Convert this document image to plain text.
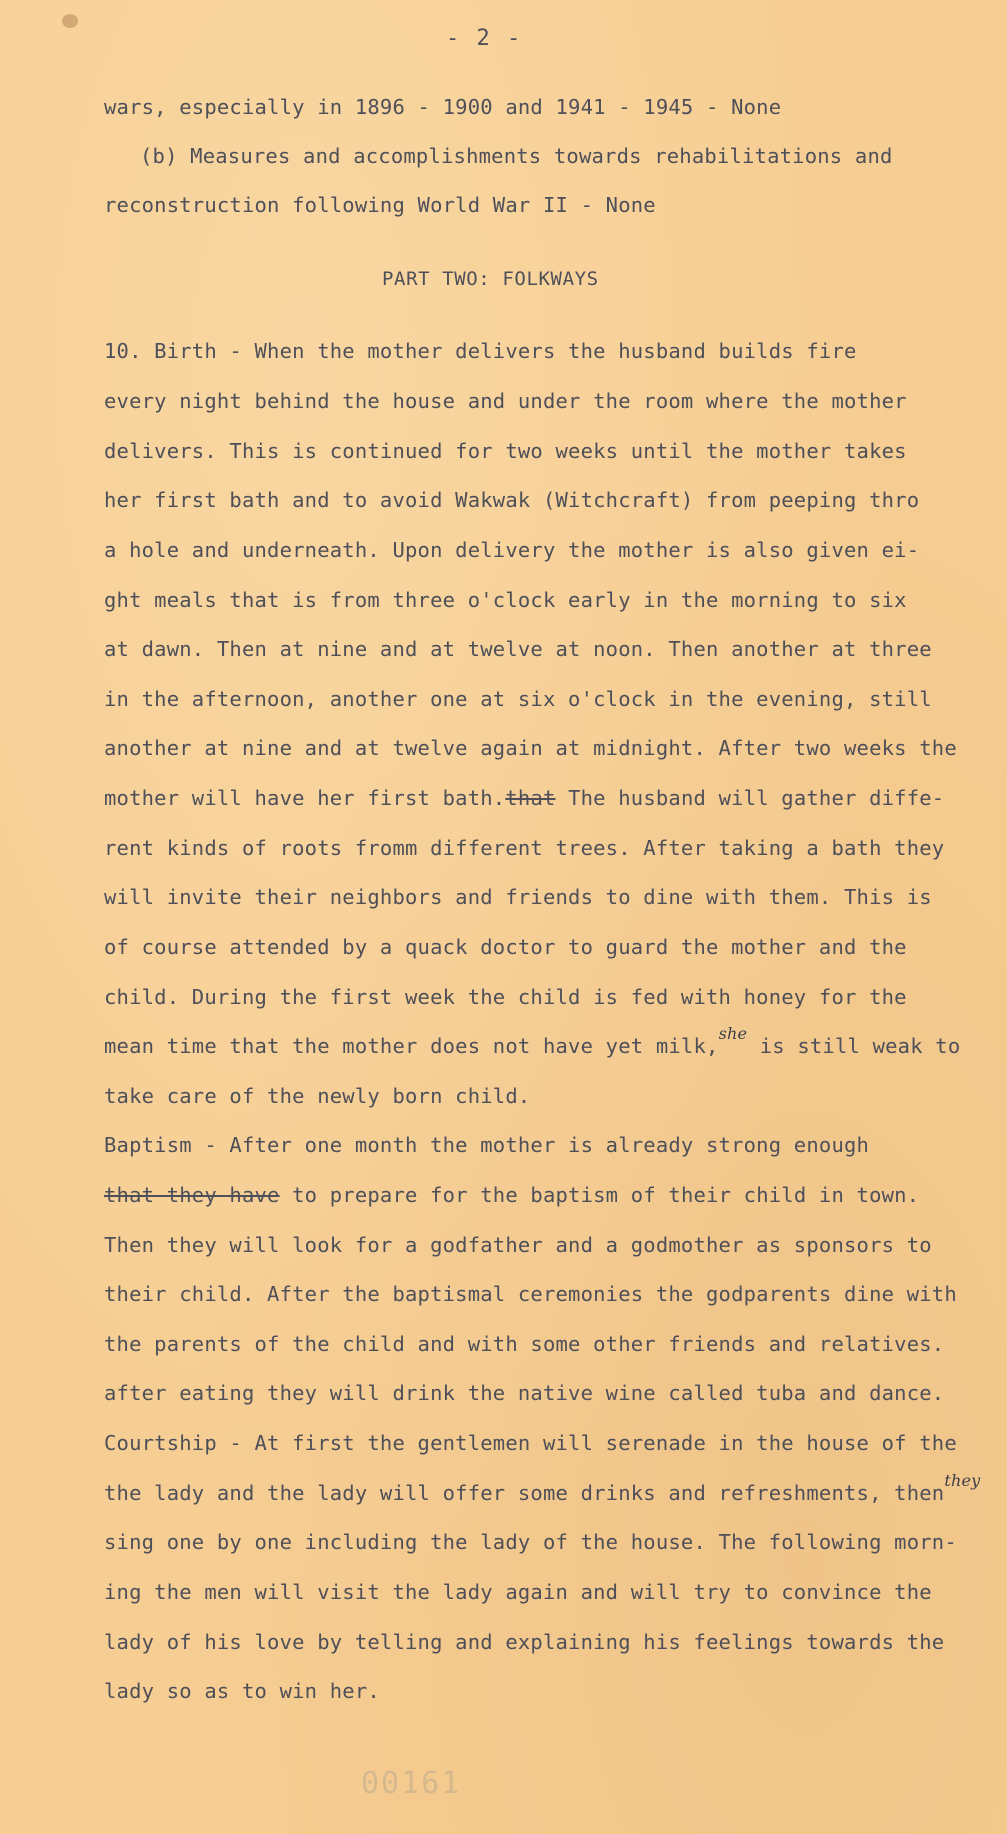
- 2 -
wars, especially in 1896 - 1900 and 1941 - 1945 - None
(b) Measures and accomplishments towards rehabilitations and
reconstruction following World War II - None
PART TWO: FOLKWAYS
10. Birth - When the mother delivers the husband builds fire
every night behind the house and under the room where the mother
delivers. This is continued for two weeks until the mother takes
her first bath and to avoid Wakwak (Witchcraft) from peeping thro
a hole and underneath. Upon delivery the mother is also given ei-
ght meals that is from three o'clock early in the morning to six
at dawn. Then at nine and at twelve at noon. Then another at three
in the afternoon, another one at six o'clock in the evening, still
another at nine and at twelve again at midnight. After two weeks the
mother will have her first bath.that The husband will gather diffe-
rent kinds of roots fromm different trees. After taking a bath they
will invite their neighbors and friends to dine with them. This is
of course attended by a quack doctor to guard the mother and the
child. During the first week the child is fed with honey for the
mean time that the mother does not have yet milk,$^{she}$ is still weak to
take care of the newly born child.
Baptism - After one month the mother is already strong enough
that they have to prepare for the baptism of their child in town.
Then they will look for a godfather and a godmother as sponsors to
their child. After the baptismal ceremonies the godparents dine with
the parents of the child and with some other friends and relatives.
after eating they will drink the native wine called tuba and dance.
Courtship - At first the gentlemen will serenade in the house of the
the lady and the lady will offer some drinks and refreshments, then$^{they}$
sing one by one including the lady of the house. The following morn-
ing the men will visit the lady again and will try to convince the
lady of his love by telling and explaining his feelings towards the
lady so as to win her.
00161
